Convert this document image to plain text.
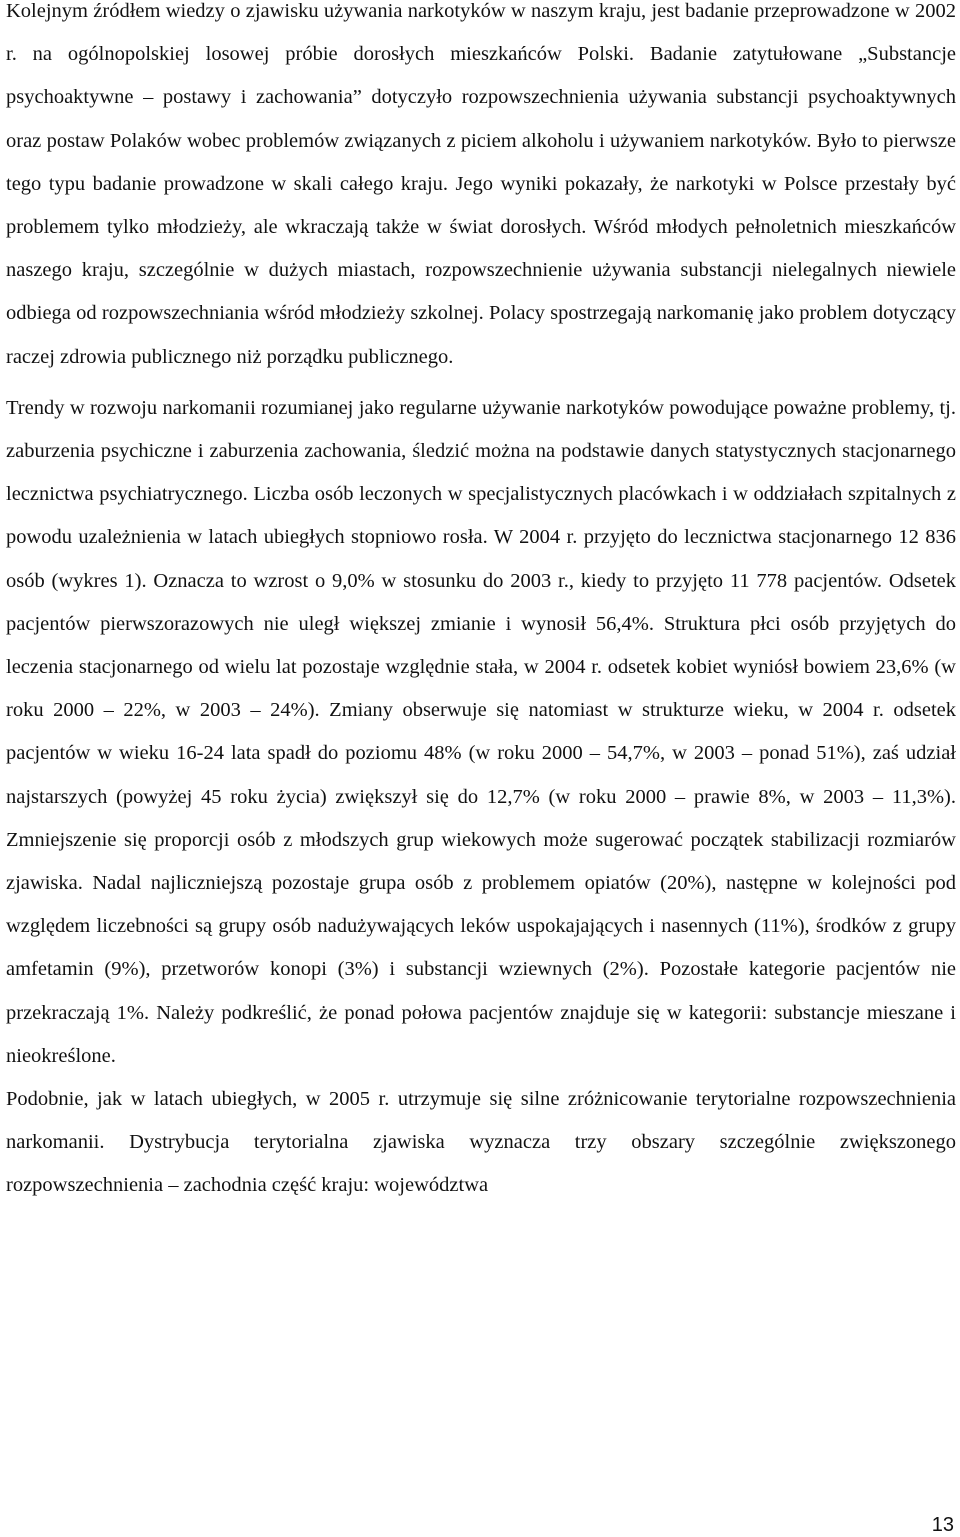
Kolejnym źródłem wiedzy o zjawisku używania narkotyków w naszym kraju, jest badanie przeprowadzone w 2002 r. na ogólnopolskiej losowej próbie dorosłych mieszkańców Polski. Badanie zatytułowane „Substancje psychoaktywne – postawy i zachowania” dotyczyło rozpowszechnienia używania substancji psychoaktywnych oraz postaw Polaków wobec problemów związanych z piciem alkoholu i używaniem narkotyków. Było to pierwsze tego typu badanie prowadzone w skali całego kraju. Jego wyniki pokazały, że narkotyki w Polsce przestały być problemem tylko młodzieży, ale wkraczają także w świat dorosłych. Wśród młodych pełnoletnich mieszkańców naszego kraju, szczególnie w dużych miastach, rozpowszechnienie używania substancji nielegalnych niewiele odbiega od rozpowszechniania wśród młodzieży szkolnej. Polacy spostrzegają narkomanię jako problem dotyczący raczej zdrowia publicznego niż porządku publicznego.

Trendy w rozwoju narkomanii rozumianej jako regularne używanie narkotyków powodujące poważne problemy, tj. zaburzenia psychiczne i zaburzenia zachowania, śledzić można na podstawie danych statystycznych stacjonarnego lecznictwa psychiatrycznego. Liczba osób leczonych w specjalistycznych placówkach i w oddziałach szpitalnych z powodu uzależnienia w latach ubiegłych stopniowo rosła. W 2004 r. przyjęto do lecznictwa stacjonarnego 12 836 osób (wykres 1). Oznacza to wzrost o 9,0% w stosunku do 2003 r., kiedy to przyjęto 11 778 pacjentów. Odsetek pacjentów pierwszorazowych nie uległ większej zmianie i wynosił 56,4%. Struktura płci osób przyjętych do leczenia stacjonarnego od wielu lat pozostaje względnie stała, w 2004 r. odsetek kobiet wyniósł bowiem 23,6% (w roku 2000 – 22%, w 2003 – 24%). Zmiany obserwuje się natomiast w strukturze wieku, w 2004 r. odsetek pacjentów w wieku 16-24 lata spadł do poziomu 48% (w roku 2000 – 54,7%, w 2003 – ponad 51%), zaś udział najstarszych (powyżej 45 roku życia) zwiększył się do 12,7% (w roku 2000 – prawie 8%, w 2003 – 11,3%). Zmniejszenie się proporcji osób z młodszych grup wiekowych może sugerować początek stabilizacji rozmiarów zjawiska. Nadal najliczniejszą pozostaje grupa osób z problemem opiatów (20%), następne w kolejności pod względem liczebności są grupy osób nadużywających leków uspokajających i nasennych (11%), środków z grupy amfetamin (9%), przetworów konopi (3%) i substancji wziewnych (2%). Pozostałe kategorie pacjentów nie przekraczają 1%. Należy podkreślić, że ponad połowa pacjentów znajduje się w kategorii: substancje mieszane i nieokreślone.

Podobnie, jak w latach ubiegłych, w 2005 r. utrzymuje się silne zróżnicowanie terytorialne rozpowszechnienia narkomanii. Dystrybucja terytorialna zjawiska wyznacza trzy obszary szczególnie zwiększonego rozpowszechnienia – zachodnia część kraju: województwa

13
